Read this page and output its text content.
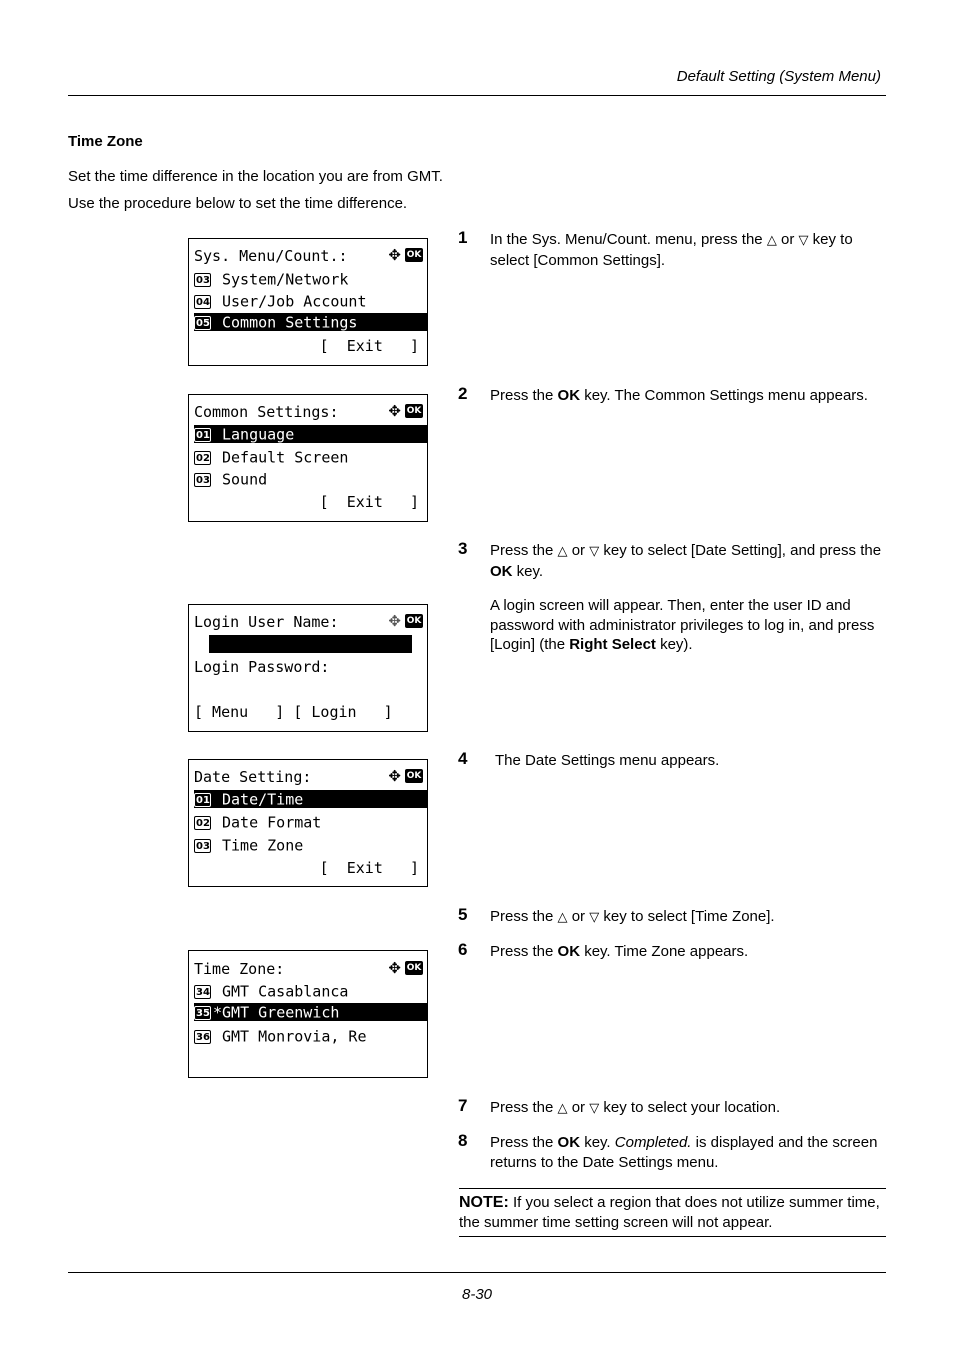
Default Setting (System Menu)
Time Zone
Set the time difference in the location you are from GMT.
Use the procedure below to set the time difference.
Sys. Menu/Count.:	✥ OK
03 System/Network
04 User/Job Account
05 Common Settings
[  Exit   ]
Common Settings:	✥ OK
01 Language
02 Default Screen
03 Sound
[  Exit   ]
Login User Name:	✥ OK
Login Password:
[ Menu   ] [ Login   ]
Date Setting:	✥ OK
01 Date/Time
02 Date Format
03 Time Zone
[  Exit   ]
Time Zone:	✥ OK
34 GMT Casablanca
35 *GMT Greenwich
36 GMT Monrovia, Re
1 In the Sys. Menu/Count. menu, press the △ or ▽ key to select [Common Settings].
2 Press the OK key. The Common Settings menu appears.
3 Press the △ or ▽ key to select [Date Setting], and press the OK key.
A login screen will appear. Then, enter the user ID and password with administrator privileges to log in, and press [Login] (the Right Select key).
4 The Date Settings menu appears.
5 Press the △ or ▽ key to select [Time Zone].
6 Press the OK key. Time Zone appears.
7 Press the △ or ▽ key to select your location.
8 Press the OK key. Completed. is displayed and the screen returns to the Date Settings menu.
NOTE: If you select a region that does not utilize summer time, the summer time setting screen will not appear.
8-30
